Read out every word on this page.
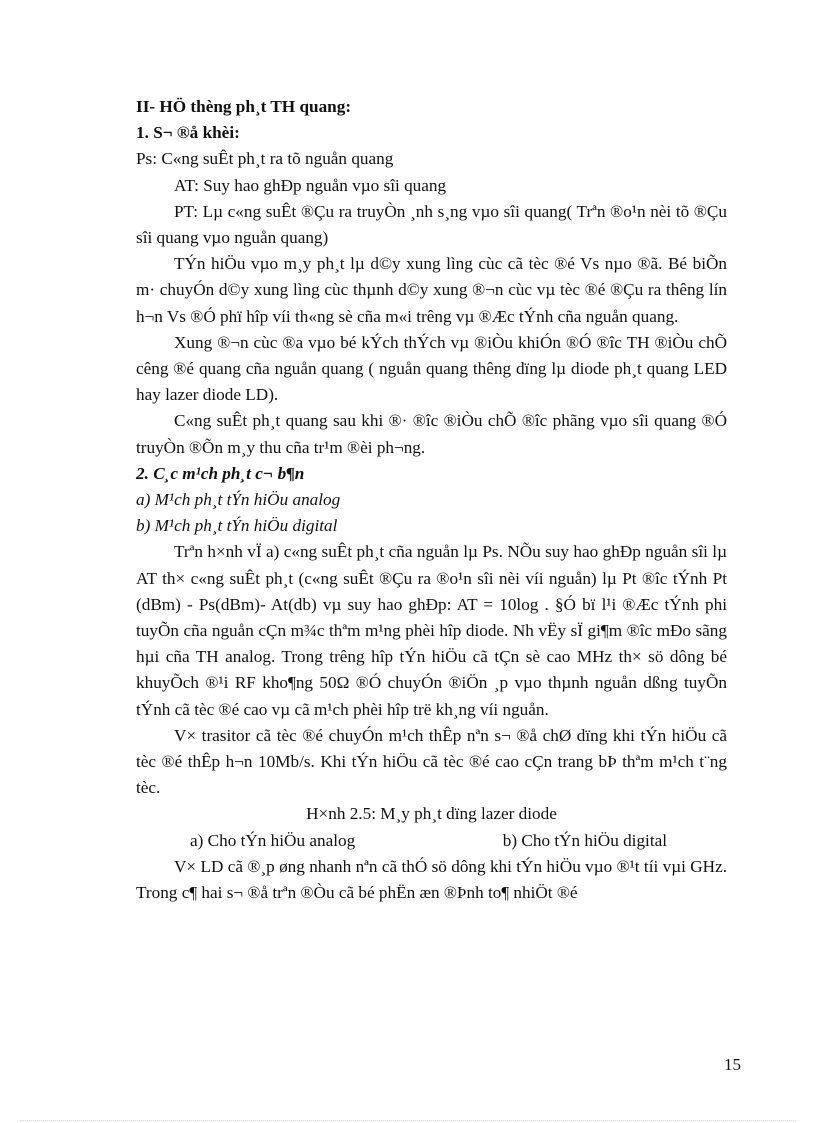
II- HÖ thèng ph¸t TH quang:

1. S¬ ®å khèi:

Ps: C«ng suÊt ph¸t ra tõ nguån quang

AT: Suy hao ghÐp nguån vµo sîi quang

PT: Lµ c«ng suÊt ®Çu ra truyÒn ¸nh s¸ng vµo sîi quang( Trªn ®o¹n nèi tõ ®Çu sîi quang vµo nguån quang)

TÝn hiÖu vµo m¸y ph¸t lµ d©y xung lìng cùc cã tèc ®é Vs nµo ®ã. Bé biÕn m· chuyÓn d©y xung lìng cùc thµnh d©y xung ®¬n cùc vµ tèc ®é ®Çu ra thêng lín h¬n Vs ®Ó phï hîp víi th«ng sè cña m«i trêng vµ ®Æc tÝnh cña nguån quang.

Xung ®¬n cùc ®a vµo bé kÝch thÝch vµ ®iÒu khiÓn ®Ó ®îc TH ®iÒu chÕ cêng ®é quang cña nguån quang ( nguån quang thêng dïng lµ diode ph¸t quang LED hay lazer diode LD).

C«ng suÊt ph¸t quang sau khi ®· ®îc ®iÒu chÕ ®îc phãng vµo sîi quang ®Ó truyÒn ®Õn m¸y thu cña tr¹m ®èi ph¬ng.

2. C¸c m¹ch ph¸t c¬ b¶n

a) M¹ch ph¸t tÝn hiÖu analog

b) M¹ch ph¸t tÝn hiÖu digital

Trªn h×nh vÏ a) c«ng suÊt ph¸t cña nguån lµ Ps. NÕu suy hao ghÐp nguån sîi lµ AT th× c«ng suÊt ph¸t (c«ng suÊt ®Çu ra ®o¹n sîi nèi víi nguån) lµ Pt ®îc tÝnh Pt (dBm) - Ps(dBm)- At(db) vµ suy hao ghÐp: AT = 10log . §Ó bï l¹i ®Æc tÝnh phi tuyÕn cña nguån cÇn m¾c thªm m¹ng phèi hîp diode. Nh vËy sÏ gi¶m ®îc mÐo sãng hµi cña TH analog. Trong trêng hîp tÝn hiÖu cã tÇn sè cao MHz th× sö dông bé khuyÕch ®¹i RF kho¶ng 50Ω ®Ó chuyÓn ®iÖn ¸p vµo thµnh nguån dßng tuyÕn tÝnh cã tèc ®é cao vµ cã m¹ch phèi hîp trë kh¸ng víi nguån.

V× trasitor cã tèc ®é chuyÓn m¹ch thÊp nªn s¬ ®å chØ dïng khi tÝn hiÖu cã tèc ®é thÊp h¬n 10Mb/s. Khi tÝn hiÖu cã tèc ®é cao cÇn trang bÞ thªm m¹ch t¨ng tèc.

H×nh 2.5: M¸y ph¸t dïng lazer diode

a) Cho tÝn hiÖu analog	b) Cho tÝn hiÖu digital

V× LD cã ®¸p øng nhanh nªn cã thÓ sö dông khi tÝn hiÖu vµo ®¹t tíi vµi GHz. Trong c¶ hai s¬ ®å trªn ®Òu cã bé phËn æn ®Þnh to¶ nhiÖt ®é

15
